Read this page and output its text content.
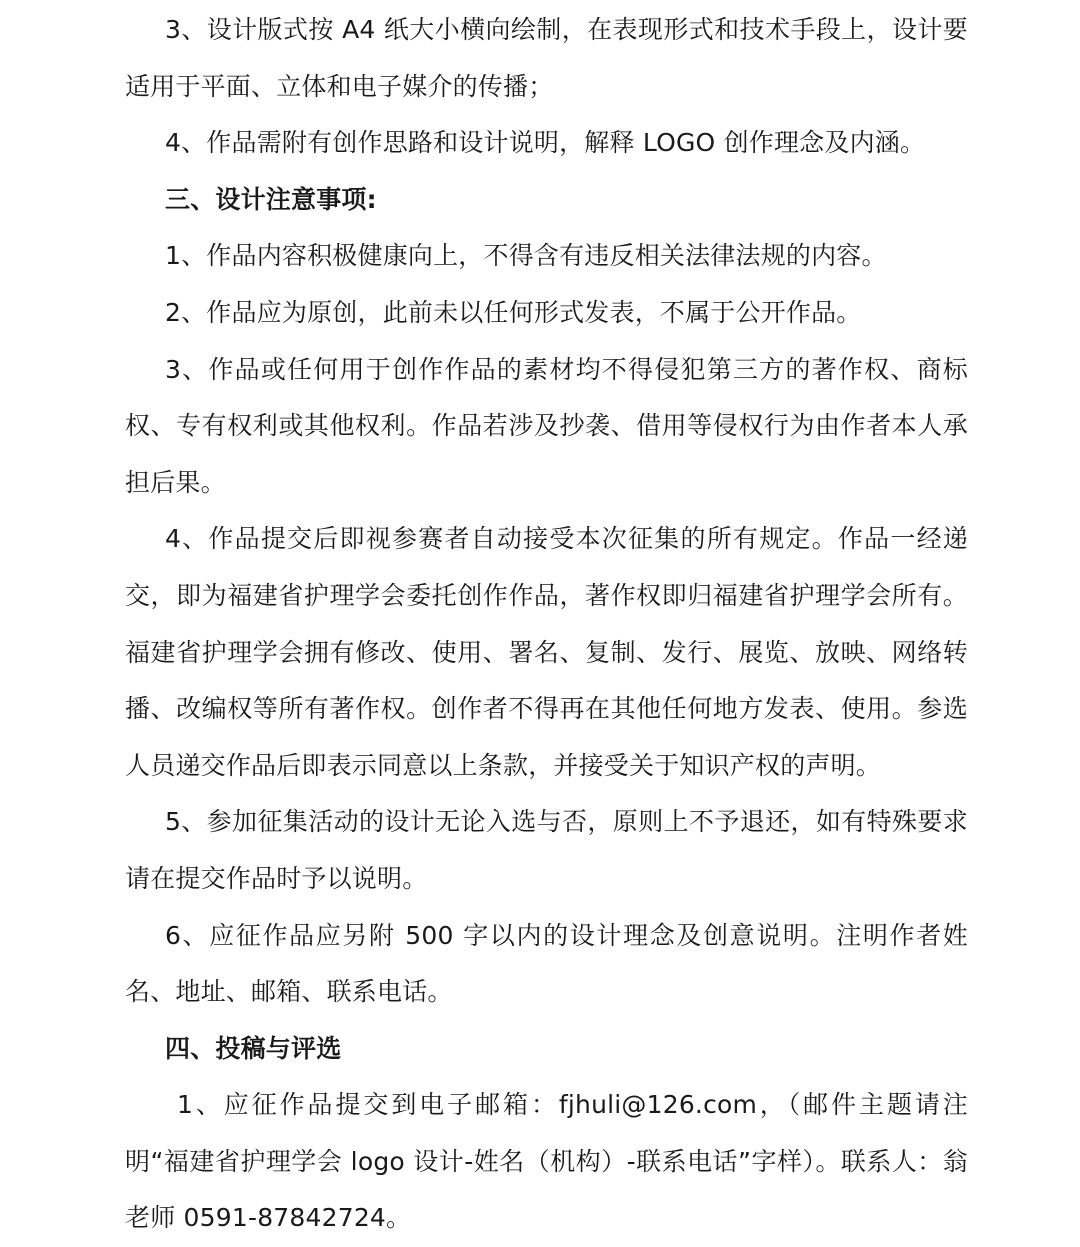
3、设计版式按 A4 纸大小横向绘制，在表现形式和技术手段上，设计要适用于平面、立体和电子媒介的传播；

4、作品需附有创作思路和设计说明，解释 LOGO 创作理念及内涵。

三、设计注意事项:

1、作品内容积极健康向上，不得含有违反相关法律法规的内容。

2、作品应为原创，此前未以任何形式发表，不属于公开作品。

3、作品或任何用于创作作品的素材均不得侵犯第三方的著作权、商标权、专有权利或其他权利。作品若涉及抄袭、借用等侵权行为由作者本人承担后果。

4、作品提交后即视参赛者自动接受本次征集的所有规定。作品一经递交，即为福建省护理学会委托创作作品，著作权即归福建省护理学会所有。福建省护理学会拥有修改、使用、署名、复制、发行、展览、放映、网络转播、改编权等所有著作权。创作者不得再在其他任何地方发表、使用。参选人员递交作品后即表示同意以上条款，并接受关于知识产权的声明。

5、参加征集活动的设计无论入选与否，原则上不予退还，如有特殊要求请在提交作品时予以说明。

6、应征作品应另附 500 字以内的设计理念及创意说明。注明作者姓名、地址、邮箱、联系电话。

四、投稿与评选

1、应征作品提交到电子邮箱：fjhuli@126.com，（邮件主题请注明“福建省护理学会 logo 设计-姓名（机构）-联系电话”字样）。联系人：翁老师 0591-87842724。
